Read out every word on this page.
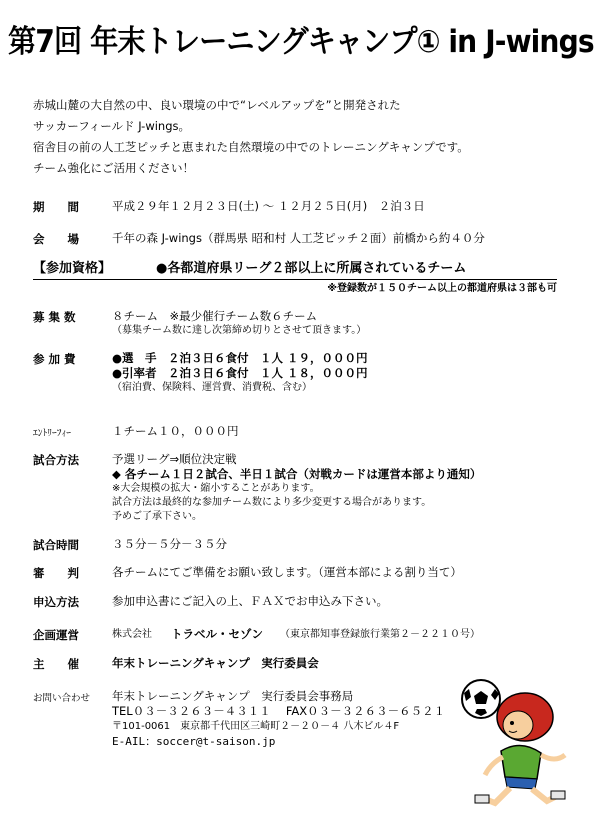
第7回 年末トレーニングキャンプ① in J-wings
赤城山麓の大自然の中、良い環境の中で“レベルアップを”と開発された
サッカーフィールド J-wings。
宿舎目の前の人工芝ピッチと恵まれた自然環境の中でのトレーニングキャンプです。
チーム強化にご活用ください！
期　　間	平成２９年１２月２３日(土) ～ １２月２５日(月)　２泊３日
会　　場	千年の森 J-wings（群馬県 昭和村 人工芝ピッチ２面）前橋から約４０分
【参加資格】	●各都道府県リーグ２部以上に所属されているチーム
※登録数が１５０チーム以上の都道府県は３部も可
募 集 数	８チーム　※最少催行チーム数６チーム
（募集チーム数に達し次第締め切りとさせて頂きます。）
参 加 費	●選　手　２泊３日６食付　１人 １９，０００円
●引率者　２泊３日６食付　１人 １８，０００円
（宿泊費、保険料、運営費、消費税、含む）
ｴﾝﾄﾘｰﾌｨｰ	１チーム１０，０００円
試合方法	予選リーグ⇒順位決定戦
◆ 各チーム１日２試合、半日１試合（対戦カードは運営本部より通知）
※大会規模の拡大・縮小することがあります。
試合方法は最終的な参加チーム数により多少変更する場合があります。
予めご了承下さい。
試合時間	３５分－５分－３５分
審　　判	各チームにてご準備をお願い致します。（運営本部による割り当て）
申込方法	参加申込書にご記入の上、ＦＡＸでお申込み下さい。
企画運営	株式会社 トラベル・セゾン （東京都知事登録旅行業第２－２２１０号）
主　　催	年末トレーニングキャンプ　実行委員会
お問い合わせ 年末トレーニングキャンプ　実行委員会事務局
TEL０３－３２６３－４３１１　 FAX０３－３２６３－６５２１
〒101-0061　東京都千代田区三崎町２－２０－４ 八木ビル４F
E-AIL：soccer@t-saison.jp
